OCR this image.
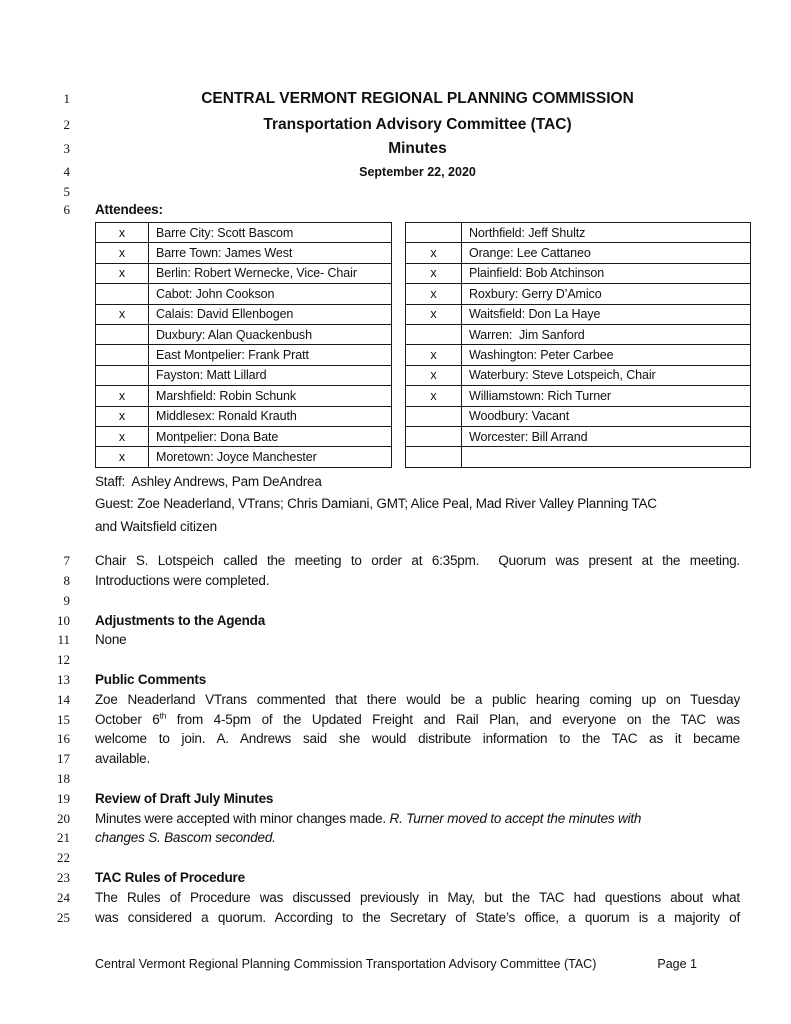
1	CENTRAL VERMONT REGIONAL PLANNING COMMISSION
2	Transportation Advisory Committee (TAC)
3	Minutes
4	September 22, 2020
5
6 Attendees:
x	Barre City: Scott Bascom
x	Barre Town: James West
x	Berlin: Robert Wernecke, Vice- Chair
	Cabot: John Cookson
x	Calais: David Ellenbogen
	Duxbury: Alan Quackenbush
	East Montpelier: Frank Pratt
	Fayston: Matt Lillard
x	Marshfield: Robin Schunk
x	Middlesex: Ronald Krauth
x	Montpelier: Dona Bate
x	Moretown: Joyce Manchester
	Northfield: Jeff Shultz
x	Orange: Lee Cattaneo
x	Plainfield: Bob Atchinson
x	Roxbury: Gerry D’Amico
x	Waitsfield: Don La Haye
	Warren:  Jim Sanford
x	Washington: Peter Carbee
x	Waterbury: Steve Lotspeich, Chair
x	Williamstown: Rich Turner
	Woodbury: Vacant
	Worcester: Bill Arrand

Staff:  Ashley Andrews, Pam DeAndrea
Guest: Zoe Neaderland, VTrans; Chris Damiani, GMT; Alice Peal, Mad River Valley Planning TAC
and Waitsfield citizen
7 Chair S. Lotspeich called the meeting to order at 6:35pm.  Quorum was present at the meeting.
8 Introductions were completed.
9
10 Adjustments to the Agenda
11 None
12
13 Public Comments
14 Zoe Neaderland VTrans commented that there would be a public hearing coming up on Tuesday
15 October 6th from 4-5pm of the Updated Freight and Rail Plan, and everyone on the TAC was
16 welcome to join. A. Andrews said she would distribute information to the TAC as it became
17 available.
18
19 Review of Draft July Minutes
20 Minutes were accepted with minor changes made. R. Turner moved to accept the minutes with
21 changes S. Bascom seconded.
22
23 TAC Rules of Procedure
24 The Rules of Procedure was discussed previously in May, but the TAC had questions about what
25 was considered a quorum. According to the Secretary of State’s office, a quorum is a majority of
Central Vermont Regional Planning Commission Transportation Advisory Committee (TAC)	Page 1
